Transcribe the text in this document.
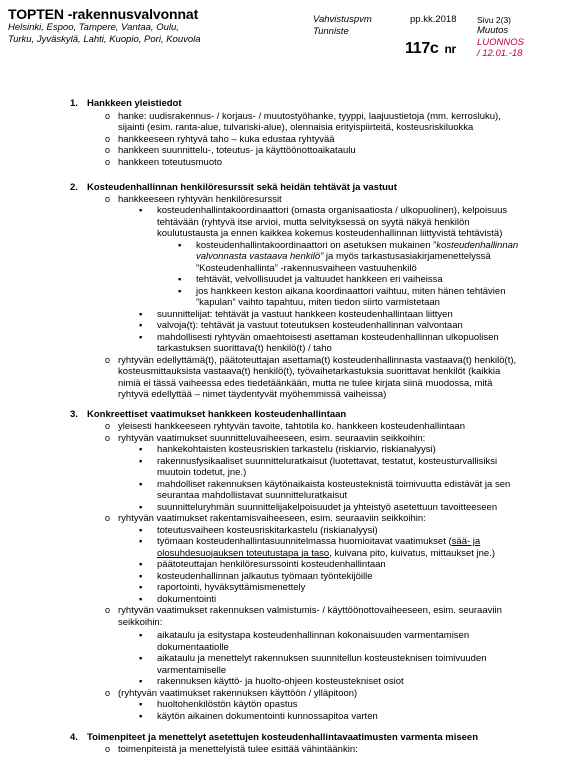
TOPTEN -rakennusvalvonnat
Helsinki, Espoo, Tampere, Vantaa, Oulu,
Turku, Jyväskylä, Lahti, Kuopio, Pori, Kouvola
Vahvistuspvm
Tunniste
pp.kk.2018 Sivu 2(3)
Muutos
117c nr LUONNOS
/ 12.01.-18
1. Hankkeen yleistiedot
o hanke: uudisrakennus- / korjaus- / muutostyöhanke, tyyppi, laajuustietoja (mm. kerrosluku),
sijainti (esim. ranta-alue, tulvariski-alue), olennaisia erityispiirteitä, kosteusriskiluokka
o hankkeeseen ryhtyvä taho – kuka edustaa ryhtyvää
o hankkeen suunnittelu-, toteutus- ja käyttöönottoaikataulu
o hankkeen toteutusmuoto
2. Kosteudenhallinnan henkilöresurssit sekä heidän tehtävät ja vastuut
o hankkeeseen ryhtyvän henkilöresurssit
▪ kosteudenhallintakoordinaattori (omasta organisaatiosta / ulkopuolinen), kelpoisuus
tehtävään (ryhtyvä itse arvioi, mutta selvityksessä on syytä näkyä henkilön
koulutustausta ja ennen kaikkea kokemus kosteudenhallinnan liittyvistä tehtävistä)
▪ kosteudenhallintakoordinaattori on asetuksen mukainen ”kosteudenhallinnan
valvonnasta vastaava henkilö” ja myös tarkastusasiakirjamenettelyssä
”Kosteudenhallinta” -rakennusvaiheen vastuuhenkilö
▪ tehtävät, velvollisuudet ja valtuudet hankkeen eri vaiheissa
▪ jos hankkeen keston aikana koordinaattori vaihtuu, miten hänen tehtävien
”kapulan” vaihto tapahtuu, miten tiedon siirto varmistetaan
▪ suunnittelijat: tehtävät ja vastuut hankkeen kosteudenhallintaan liittyen
▪ valvoja(t): tehtävät ja vastuut toteutuksen kosteudenhallinnan valvontaan
▪ mahdollisesti ryhtyvän omaehtoisesti asettaman kosteudenhallinnan ulkopuolisen
tarkastuksen suorittava(t) henkilö(t) / taho
o ryhtyvän edellyttämä(t), päätoteuttajan asettama(t) kosteudenhallinnasta vastaava(t) henkilö(t),
kosteusmittauksista vastaava(t) henkilö(t), työvaihetarkastuksia suorittavat henkilöt (kaikkia
nimiä ei tässä vaiheessa edes tiedetäänkään, mutta ne tulee kirjata siinä muodossa, mitä
ryhtyvä edellyttää – nimet täydentyvät myöhemmissä vaiheissa)
3. Konkreettiset vaatimukset hankkeen kosteudenhallintaan
o yleisesti hankkeeseen ryhtyvän tavoite, tahtotila ko. hankkeen kosteudenhallintaan
o ryhtyvän vaatimukset suunnitteluvaiheeseen, esim. seuraaviin seikkoihin:
▪ hankekohtaisten kosteusriskien tarkastelu (riskiarvio, riskianalyysi)
▪ rakennusfysikaaliset suunnitteluratkaisut (luotettavat, testatut, kosteusturvallisiksi
muutoin todetut, jne.)
▪ mahdolliset rakennuksen käytönaikaista kosteusteknistä toimivuutta edistävät ja sen
seurantaa mahdollistavat suunnitteluratkaisut
▪ suunnitteluryhmän suunnittelijakelpoisuudet ja yhteistyö asetettuun tavoitteeseen
o ryhtyvän vaatimukset rakentamisvaiheeseen, esim. seuraaviin seikkoihin:
▪ toteutusvaiheen kosteusriskitarkastelu (riskianalyysi)
▪ työmaan kosteudenhallintasuunnitelmassa huomioitavat vaatimukset (sää- ja
olosuhdesuojauksen toteutustapa ja taso, kuivana pito, kuivatus, mittaukset jne.)
▪ päätoteuttajan henkilöresurssointi kosteudenhallintaan
▪ kosteudenhallinnan jalkautus työmaan työntekijöille
▪ raportointi, hyväksyttämismenettely
▪ dokumentointi
o ryhtyvän vaatimukset rakennuksen valmistumis- / käyttöönottovaiheeseen, esim. seuraaviin
seikkoihin:
▪ aikataulu ja esitystapa kosteudenhallinnan kokonaisuuden varmentamisen
dokumentaatiolle
▪ aikataulu ja menettelyt rakennuksen suunnitellun kosteusteknisen toimivuuden
varmentamiselle
▪ rakennuksen käyttö- ja huolto-ohjeen kosteustekniset osiot
o (ryhtyvän vaatimukset rakennuksen käyttöön / ylläpitoon)
▪ huoltohenkilöstön käytön opastus
▪ käytön aikainen dokumentointi kunnossapitoa varten
4. Toimenpiteet ja menettelyt asetettujen kosteudenhallintavaatimusten varmenta miseen
o toimenpiteistä ja menettelyistä tulee esittää vähintäänkin:
